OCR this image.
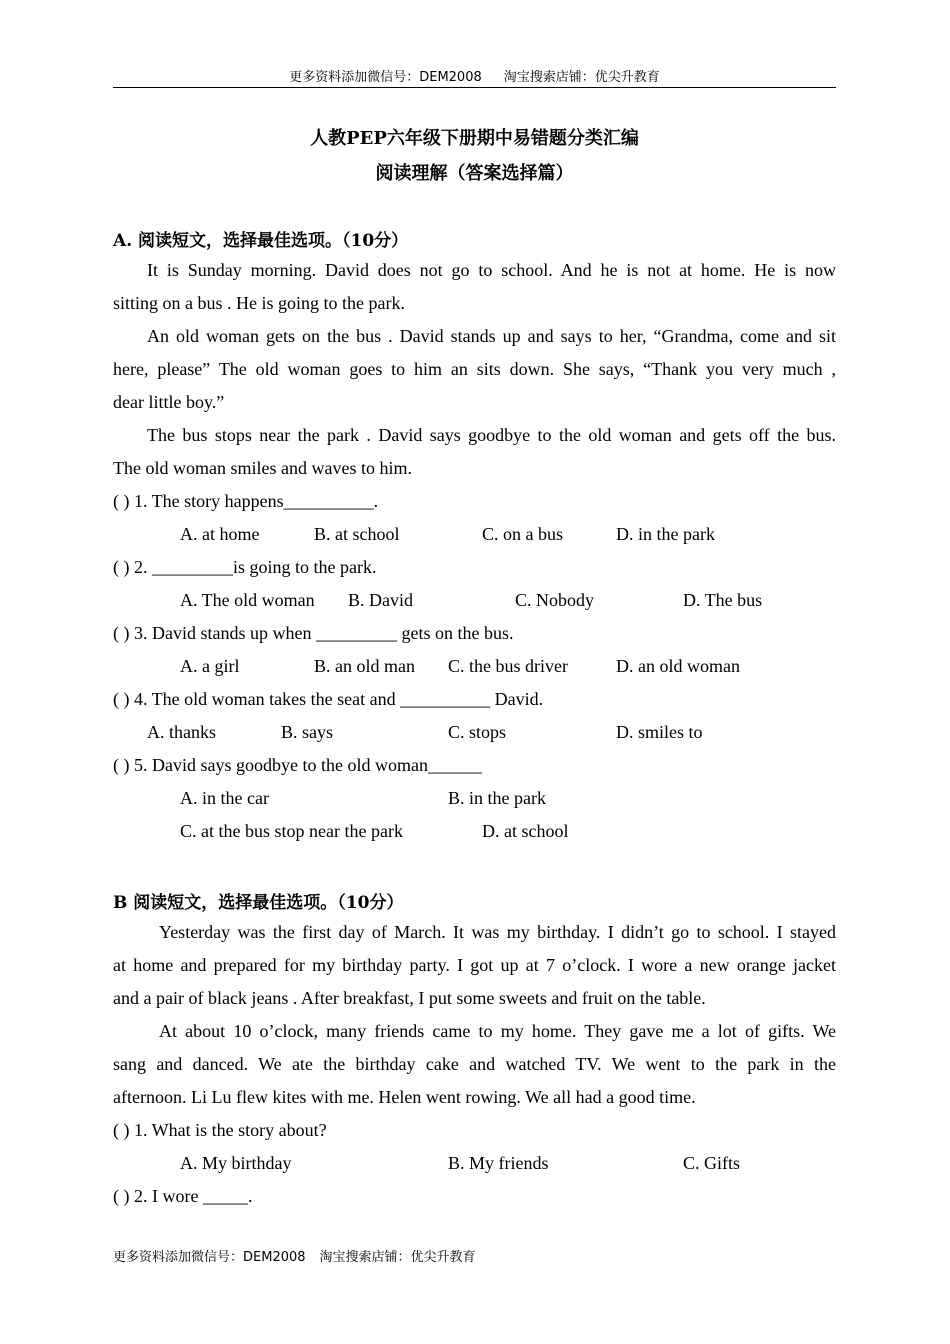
更多资料添加微信号：DEM2008 淘宝搜索店铺：优尖升教育
人教PEP六年级下册期中易错题分类汇编
阅读理解（答案选择篇）
A. 阅读短文，选择最佳选项。（10分）
It is Sunday morning. David does not go to school. And he is not at home. He is now
sitting on a bus . He is going to the park.
An old woman gets on the bus . David stands up and says to her, “Grandma, come and sit
here, please” The old woman goes to him an sits down. She says, “Thank you very much ,
dear little boy.”
The bus stops near the park . David says goodbye to the old woman and gets off the bus.
The old woman smiles and waves to him.
( ) 1. The story happens__________.
A. at home	B. at school	C. on a bus	D. in the park
( ) 2. _________is going to the park.
A. The old woman B. David	C. Nobody	D. The bus
( ) 3. David stands up when _________ gets on the bus.
A. a girl	B. an old man C. the bus driver	D. an old woman
( ) 4. The old woman takes the seat and __________ David.
A. thanks	B. says	C. stops	D. smiles to
( ) 5. David says goodbye to the old woman______
A. in the car	B. in the park
C. at the bus stop near the park	D. at school
B 阅读短文，选择最佳选项。（10分）
Yesterday was the first day of March. It was my birthday. I didn’t go to school. I stayed
at home and prepared for my birthday party. I got up at 7 o’clock. I wore a new orange jacket
and a pair of black jeans . After breakfast, I put some sweets and fruit on the table.
At about 10 o’clock, many friends came to my home. They gave me a lot of gifts. We
sang and danced. We ate the birthday cake and watched TV. We went to the park in the
afternoon. Li Lu flew kites with me. Helen went rowing. We all had a good time.
( ) 1. What is the story about?
A. My birthday	B. My friends	C. Gifts
( ) 2. I wore _____.
更多资料添加微信号：DEM2008 淘宝搜索店铺：优尖升教育
